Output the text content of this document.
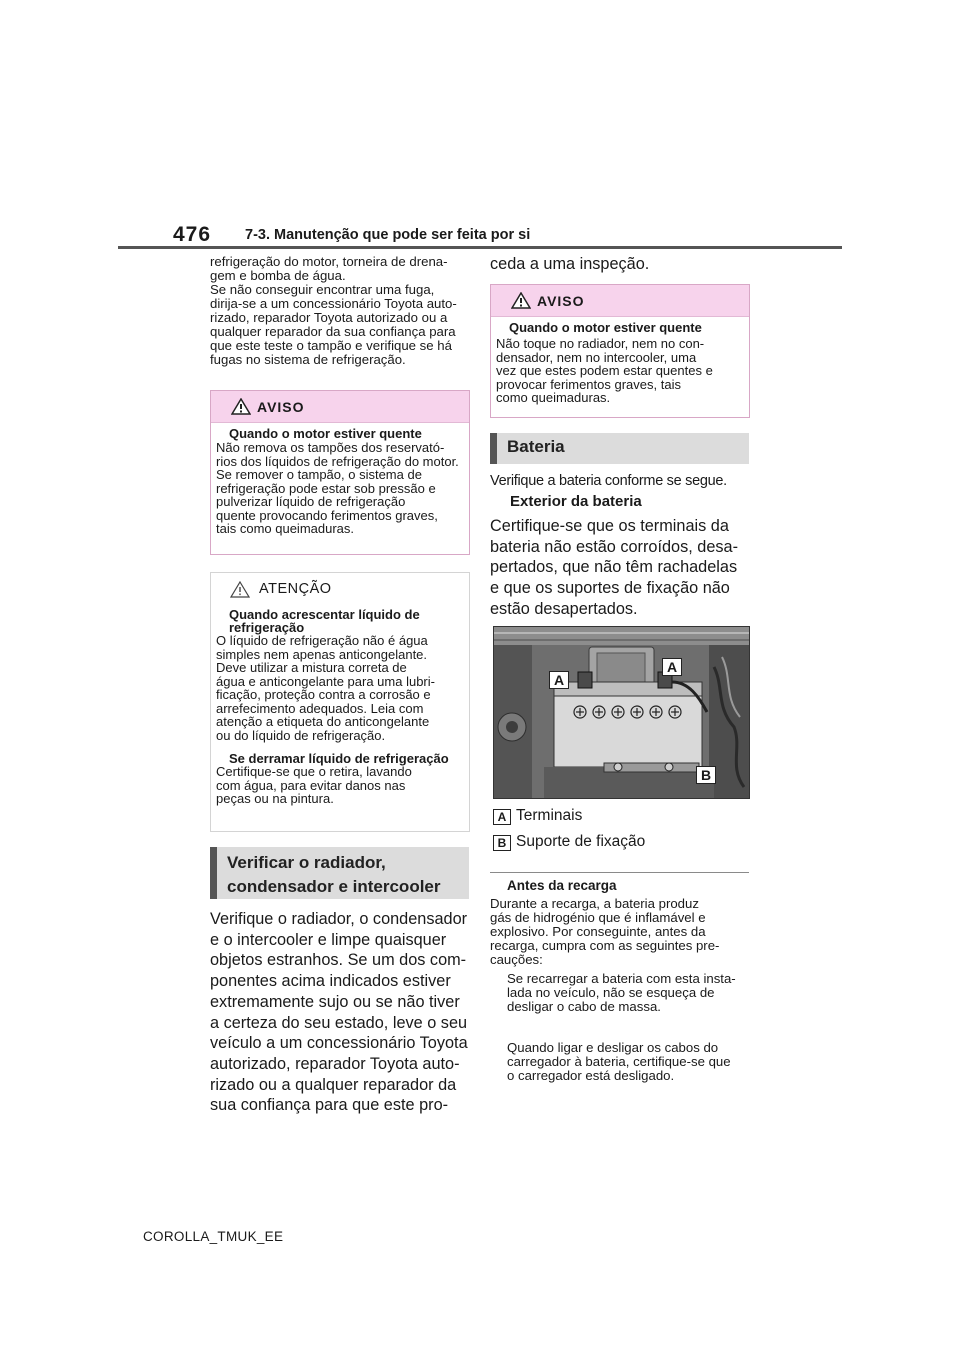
476 7-3. Manutenção que pode ser feita por si
refrigeração do motor, torneira de drena-
gem e bomba de água.
Se não conseguir encontrar uma fuga,
dirija-se a um concessionário Toyota auto-
rizado, reparador Toyota autorizado ou a
qualquer reparador da sua confiança para
que este teste o tampão e verifique se há
fugas no sistema de refrigeração.
AVISO
Quando o motor estiver quente
Não remova os tampões dos reservató-
rios dos líquidos de refrigeração do motor.
Se remover o tampão, o sistema de
refrigeração pode estar sob pressão e
pulverizar líquido de refrigeração
quente provocando ferimentos graves,
tais como queimaduras.
ATENÇÃO
Quando acrescentar líquido de
refrigeração
O líquido de refrigeração não é água
simples nem apenas anticongelante.
Deve utilizar a mistura correta de
água e anticongelante para uma lubri-
ficação, proteção contra a corrosão e
arrefecimento adequados. Leia com
atenção a etiqueta do anticongelante
ou do líquido de refrigeração.
Se derramar líquido de refrigeração
Certifique-se que o retira, lavando
com água, para evitar danos nas
peças ou na pintura.
Verificar o radiador,
condensador e intercooler
Verifique o radiador, o condensador
e o intercooler e limpe quaisquer
objetos estranhos. Se um dos com-
ponentes acima indicados estiver
extremamente sujo ou se não tiver
a certeza do seu estado, leve o seu
veículo a um concessionário Toyota
autorizado, reparador Toyota auto-
rizado ou a qualquer reparador da
sua confiança para que este pro-
ceda a uma inspeção.
AVISO
Quando o motor estiver quente
Não toque no radiador, nem no con-
densador, nem no intercooler, uma
vez que estes podem estar quentes e
provocar ferimentos graves, tais
como queimaduras.
Bateria
Verifique a bateria conforme se segue.
Exterior da bateria
Certifique-se que os terminais da
bateria não estão corroídos, desa-
pertados, que não têm rachadelas
e que os suportes de fixação não
estão desapertados.
A
A
B
A Terminais
B Suporte de fixação
Antes da recarga
Durante a recarga, a bateria produz
gás de hidrogénio que é inflamável e
explosivo. Por conseguinte, antes da
recarga, cumpra com as seguintes pre-
cauções:
Se recarregar a bateria com esta insta-
lada no veículo, não se esqueça de
desligar o cabo de massa.
Quando ligar e desligar os cabos do
carregador à bateria, certifique-se que
o carregador está desligado.
COROLLA_TMUK_EE
